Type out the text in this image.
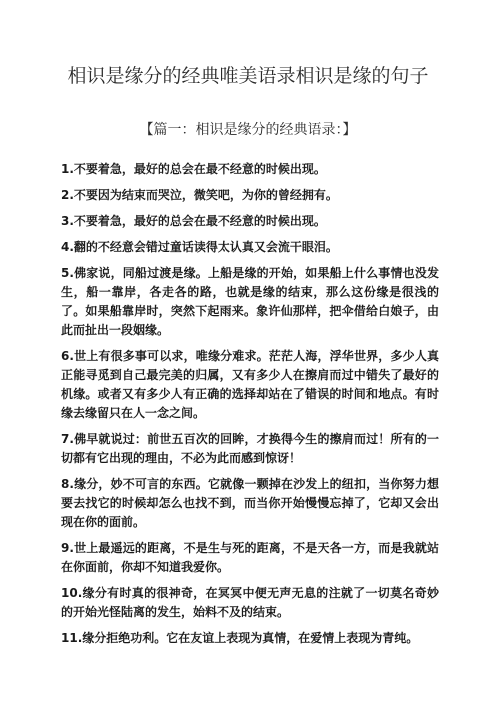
相识是缘分的经典唯美语录相识是缘的句子
【篇一：相识是缘分的经典语录：】
1.不要着急，最好的总会在最不经意的时候出现。
2.不要因为结束而哭泣，微笑吧，为你的曾经拥有。
3.不要着急，最好的总会在最不经意的时候出现。
4.翻的不经意会错过童话读得太认真又会流干眼泪。
5.佛家说，同船过渡是缘。上船是缘的开始，如果船上什么事情也没发生，船一靠岸，各走各的路，也就是缘的结束，那么这份缘是很浅的了。如果船靠岸时，突然下起雨来。象许仙那样，把伞借给白娘子，由此而扯出一段姻缘。
6.世上有很多事可以求，唯缘分难求。茫茫人海，浮华世界，多少人真正能寻觅到自己最完美的归属，又有多少人在擦肩而过中错失了最好的机缘。或者又有多少人有正确的选择却站在了错误的时间和地点。有时缘去缘留只在人一念之间。
7.佛早就说过：前世五百次的回眸，才换得今生的擦肩而过！所有的一切都有它出现的理由，不必为此而感到惊讶！
8.缘分，妙不可言的东西。它就像一颗掉在沙发上的纽扣，当你努力想要去找它的时候却怎么也找不到，而当你开始慢慢忘掉了，它却又会出现在你的面前。
9.世上最遥远的距离，不是生与死的距离，不是天各一方，而是我就站在你面前，你却不知道我爱你。
10.缘分有时真的很神奇，在冥冥中便无声无息的注就了一切莫名奇妙的开始光怪陆离的发生，始料不及的结束。
11.缘分拒绝功利。它在友谊上表现为真情，在爱情上表现为青纯。
